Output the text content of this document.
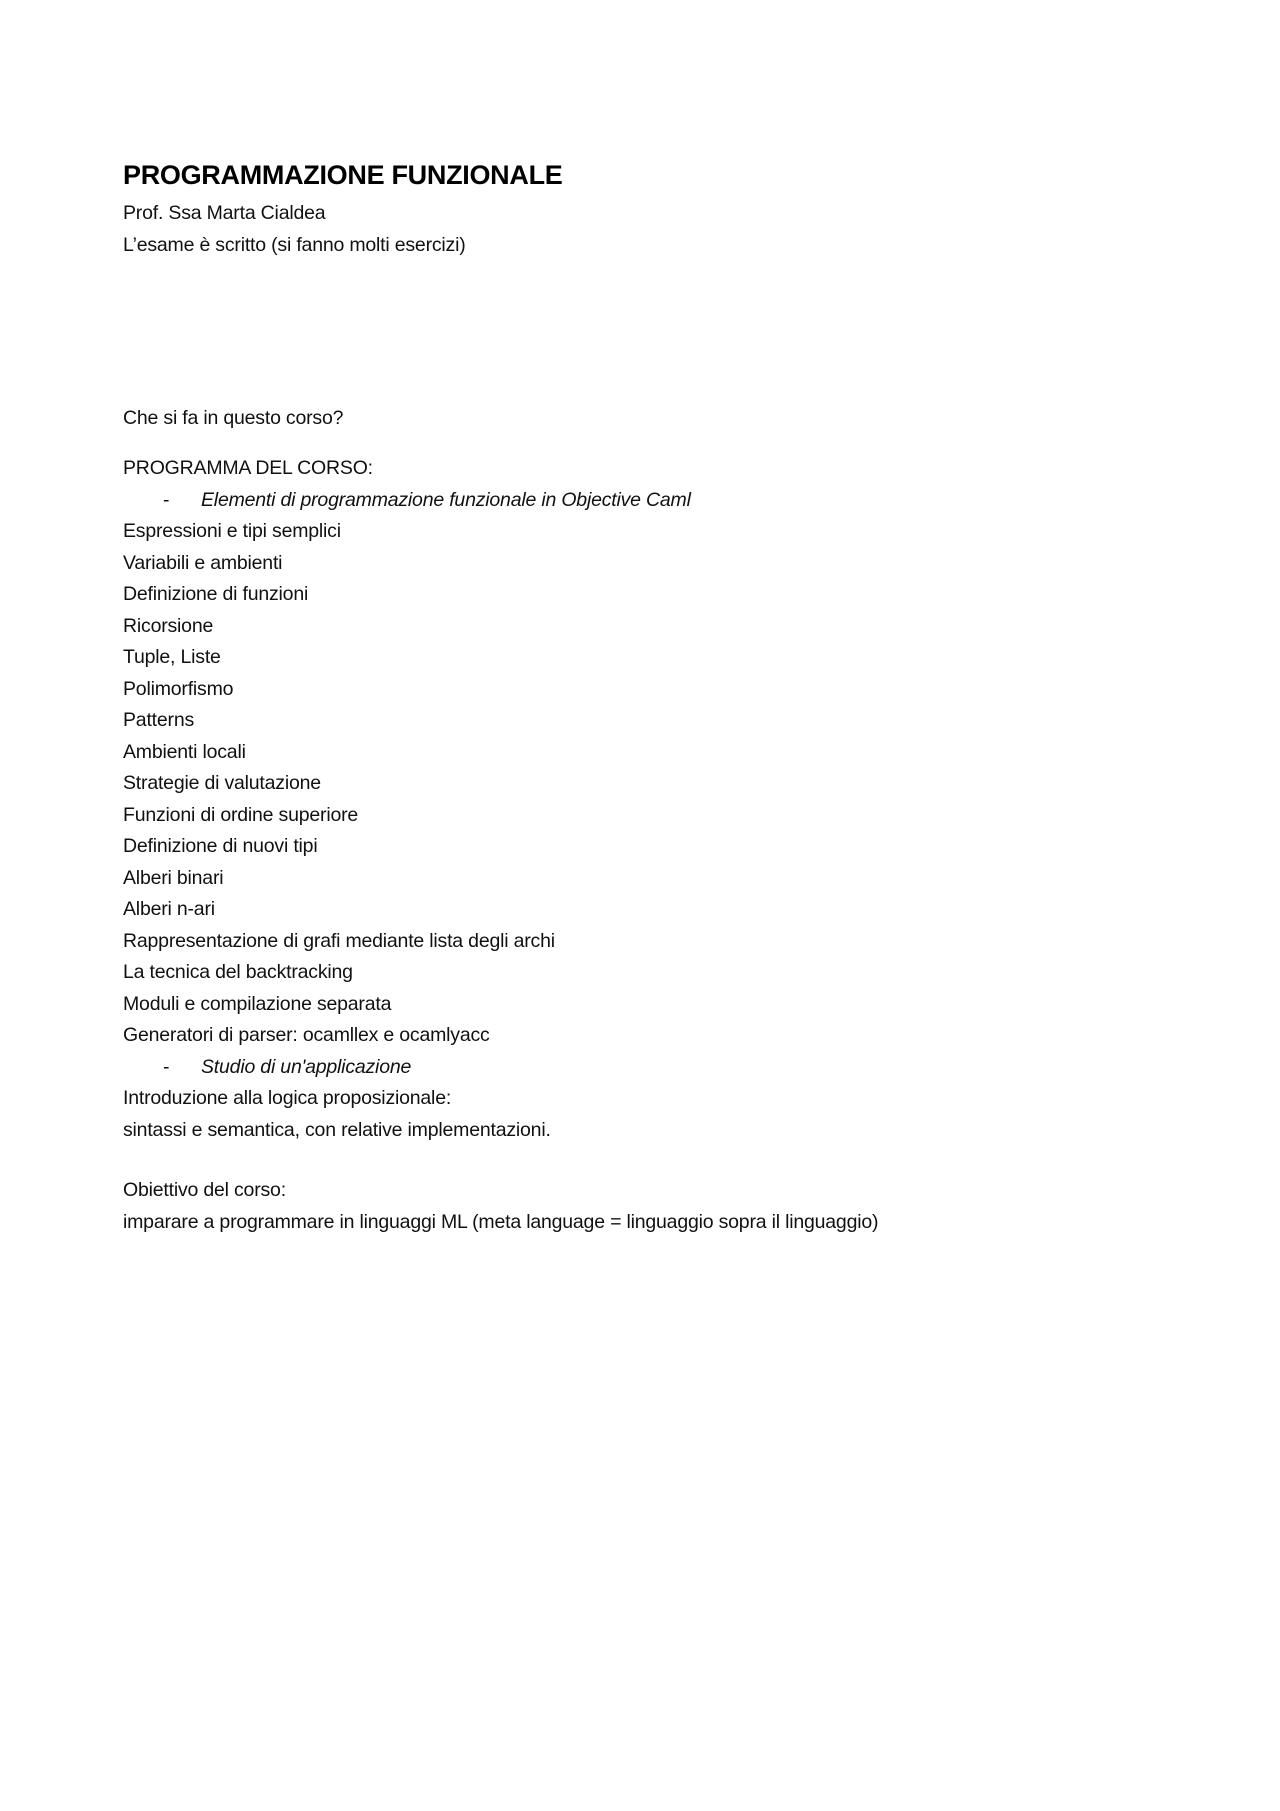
PROGRAMMAZIONE FUNZIONALE
Prof. Ssa Marta Cialdea
L’esame è scritto (si fanno molti esercizi)
Che si fa in questo corso?
PROGRAMMA DEL CORSO:
- Elementi di programmazione funzionale in Objective Caml
Espressioni e tipi semplici
Variabili e ambienti
Definizione di funzioni
Ricorsione
Tuple, Liste
Polimorfismo
Patterns
Ambienti locali
Strategie di valutazione
Funzioni di ordine superiore
Definizione di nuovi tipi
Alberi binari
Alberi n-ari
Rappresentazione di grafi mediante lista degli archi
La tecnica del backtracking
Moduli e compilazione separata
Generatori di parser: ocamllex e ocamlyacc
- Studio di un'applicazione
Introduzione alla logica proposizionale:
sintassi e semantica, con relative implementazioni.
Obiettivo del corso:
imparare a programmare in linguaggi ML (meta language = linguaggio sopra il linguaggio)
